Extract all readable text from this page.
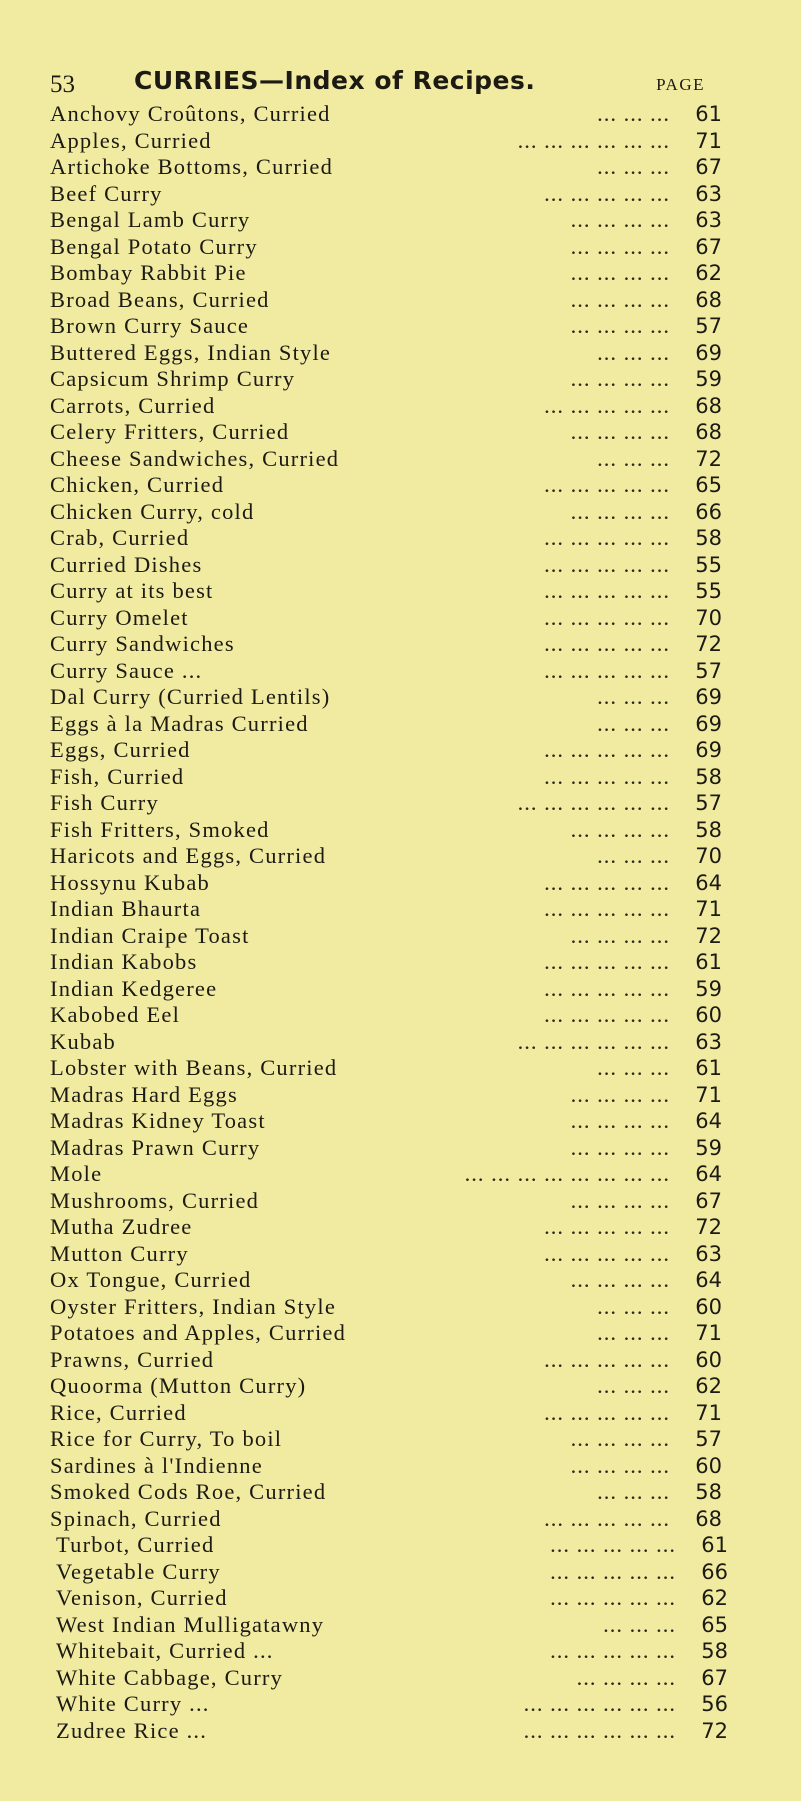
53 CURRIES—Index of Recipes.	PAGE
... ... ...
Anchovy Croûtons, Curried	61
... ... ... ... ... ...
Apples, Curried	71
... ... ...
Artichoke Bottoms, Curried	67
... ... ... ... ...
Beef Curry	63
... ... ... ...
Bengal Lamb Curry	63
... ... ... ...
Bengal Potato Curry	67
... ... ... ...
Bombay Rabbit Pie	62
... ... ... ...
Broad Beans, Curried	68
... ... ... ...
Brown Curry Sauce	57
... ... ...
Buttered Eggs, Indian Style	69
... ... ... ...
Capsicum Shrimp Curry	59
... ... ... ... ...
Carrots, Curried	68
... ... ... ...
Celery Fritters, Curried	68
... ... ...
Cheese Sandwiches, Curried	72
... ... ... ... ...
Chicken, Curried	65
... ... ... ...
Chicken Curry, cold	66
... ... ... ... ...
Crab, Curried	58
... ... ... ... ...
Curried Dishes	55
... ... ... ... ...
Curry at its best	55
... ... ... ... ...
Curry Omelet	70
... ... ... ... ...
Curry Sandwiches	72
... ... ... ... ...
Curry Sauce ...	57
... ... ...
Dal Curry (Curried Lentils)	69
... ... ...
Eggs à la Madras Curried	69
... ... ... ... ...
Eggs, Curried	69
... ... ... ... ...
Fish, Curried	58
... ... ... ... ... ...
Fish Curry	57
... ... ... ...
Fish Fritters, Smoked	58
... ... ...
Haricots and Eggs, Curried	70
... ... ... ... ...
Hossynu Kubab	64
... ... ... ... ...
Indian Bhaurta	71
... ... ... ...
Indian Craipe Toast	72
... ... ... ... ...
Indian Kabobs	61
... ... ... ... ...
Indian Kedgeree	59
... ... ... ... ...
Kabobed Eel	60
... ... ... ... ... ...
Kubab	63
... ... ...
Lobster with Beans, Curried	61
... ... ... ...
Madras Hard Eggs	71
... ... ... ...
Madras Kidney Toast	64
... ... ... ...
Madras Prawn Curry	59
... ... ... ... ... ... ... ...
Mole	64
... ... ... ...
Mushrooms, Curried	67
... ... ... ... ...
Mutha Zudree	72
... ... ... ... ...
Mutton Curry	63
... ... ... ...
Ox Tongue, Curried	64
... ... ...
Oyster Fritters, Indian Style	60
... ... ...
Potatoes and Apples, Curried	71
... ... ... ... ...
Prawns, Curried	60
... ... ...
Quoorma (Mutton Curry)	62
... ... ... ... ...
Rice, Curried	71
... ... ... ...
Rice for Curry, To boil	57
... ... ... ...
Sardines à l'Indienne	60
... ... ...
Smoked Cods Roe, Curried	58
... ... ... ... ...
Spinach, Curried	68
... ... ... ... ...
Turbot, Curried	61
... ... ... ... ...
Vegetable Curry	66
... ... ... ... ...
Venison, Curried	62
... ... ...
West Indian Mulligatawny	65
... ... ... ... ...
Whitebait, Curried ...	58
... ... ... ...
White Cabbage, Curry	67
... ... ... ... ... ...
White Curry ...	56
... ... ... ... ... ...
Zudree Rice ...	72
